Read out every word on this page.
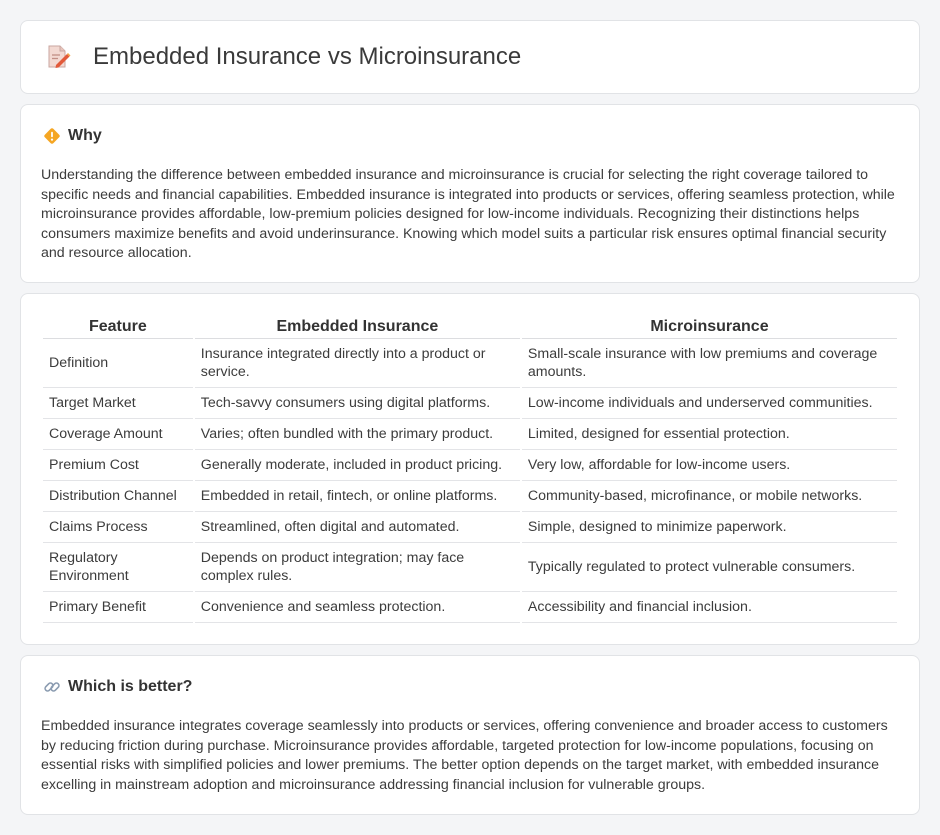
Embedded Insurance vs Microinsurance
Why

Understanding the difference between embedded insurance and microinsurance is crucial for selecting the right coverage tailored to specific needs and financial capabilities. Embedded insurance is integrated into products or services, offering seamless protection, while microinsurance provides affordable, low-premium policies designed for low-income individuals. Recognizing their distinctions helps consumers maximize benefits and avoid underinsurance. Knowing which model suits a particular risk ensures optimal financial security and resource allocation.

Feature	Embedded Insurance	Microinsurance
Definition	Insurance integrated directly into a product or service.	Small-scale insurance with low premiums and coverage amounts.
Target Market	Tech-savvy consumers using digital platforms.	Low-income individuals and underserved communities.
Coverage Amount	Varies; often bundled with the primary product.	Limited, designed for essential protection.
Premium Cost	Generally moderate, included in product pricing.	Very low, affordable for low-income users.
Distribution Channel	Embedded in retail, fintech, or online platforms.	Community-based, microfinance, or mobile networks.
Claims Process	Streamlined, often digital and automated.	Simple, designed to minimize paperwork.
Regulatory Environment	Depends on product integration; may face complex rules.	Typically regulated to protect vulnerable consumers.
Primary Benefit	Convenience and seamless protection.	Accessibility and financial inclusion.
Which is better?

Embedded insurance integrates coverage seamlessly into products or services, offering convenience and broader access to customers by reducing friction during purchase. Microinsurance provides affordable, targeted protection for low-income populations, focusing on essential risks with simplified policies and lower premiums. The better option depends on the target market, with embedded insurance excelling in mainstream adoption and microinsurance addressing financial inclusion for vulnerable groups.
